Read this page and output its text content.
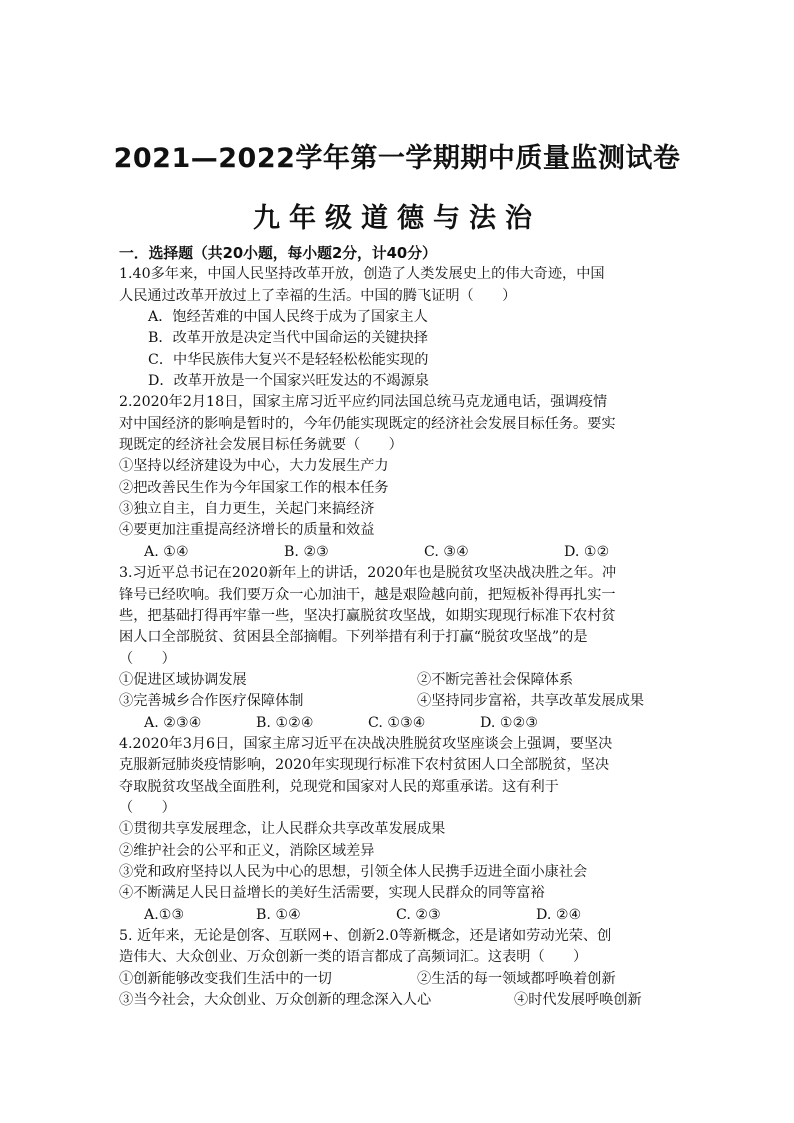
2021—2022学年第一学期期中质量监测试卷
九年级道德与法治
一．选择题（共20小题，每小题2分，计40分）
1.40多年来，中国人民坚持改革开放，创造了人类发展史上的伟大奇迹，中国
人民通过改革开放过上了幸福的生活。中国的腾飞证明（　　）
A．饱经苦难的中国人民终于成为了国家主人
B．改革开放是决定当代中国命运的关键抉择
C．中华民族伟大复兴不是轻轻松松能实现的
D．改革开放是一个国家兴旺发达的不竭源泉
2.2020年2月18日，国家主席习近平应约同法国总统马克龙通电话，强调疫情
对中国经济的影响是暂时的，今年仍能实现既定的经济社会发展目标任务。要实
现既定的经济社会发展目标任务就要（　　）
①坚持以经济建设为中心，大力发展生产力
②把改善民生作为今年国家工作的根本任务
③独立自主，自力更生，关起门来搞经济
④要更加注重提高经济增长的质量和效益
A. ①④	B. ②③	C. ③④	D. ①②
3.习近平总书记在2020新年上的讲话，2020年也是脱贫攻坚决战决胜之年。冲
锋号已经吹响。我们要万众一心加油干，越是艰险越向前，把短板补得再扎实一
些，把基础打得再牢靠一些，坚决打赢脱贫攻坚战，如期实现现行标准下农村贫
困人口全部脱贫、贫困县全部摘帽。下列举措有利于打赢“脱贫攻坚战”的是
（　　）
①促进区域协调发展	②不断完善社会保障体系
③完善城乡合作医疗保障体制	④坚持同步富裕，共享改革发展成果
A. ②③④	B. ①②④	C. ①③④	D. ①②③
4.2020年3月6日，国家主席习近平在决战决胜脱贫攻坚座谈会上强调，要坚决
克服新冠肺炎疫情影响，2020年实现现行标准下农村贫困人口全部脱贫，坚决
夺取脱贫攻坚战全面胜利，兑现党和国家对人民的郑重承诺。这有利于
（　　）
①贯彻共享发展理念，让人民群众共享改革发展成果
②维护社会的公平和正义，消除区域差异
③党和政府坚持以人民为中心的思想，引领全体人民携手迈进全面小康社会
④不断满足人民日益增长的美好生活需要，实现人民群众的同等富裕
A.①③	B. ①④	C. ②③	D. ②④
5. 近年来，无论是创客、互联网+、创新2.0等新概念，还是诸如劳动光荣、创
造伟大、大众创业、万众创新一类的语言都成了高频词汇。这表明（　　）
①创新能够改变我们生活中的一切	②生活的每一领域都呼唤着创新
③当今社会，大众创业、万众创新的理念深入人心	④时代发展呼唤创新
